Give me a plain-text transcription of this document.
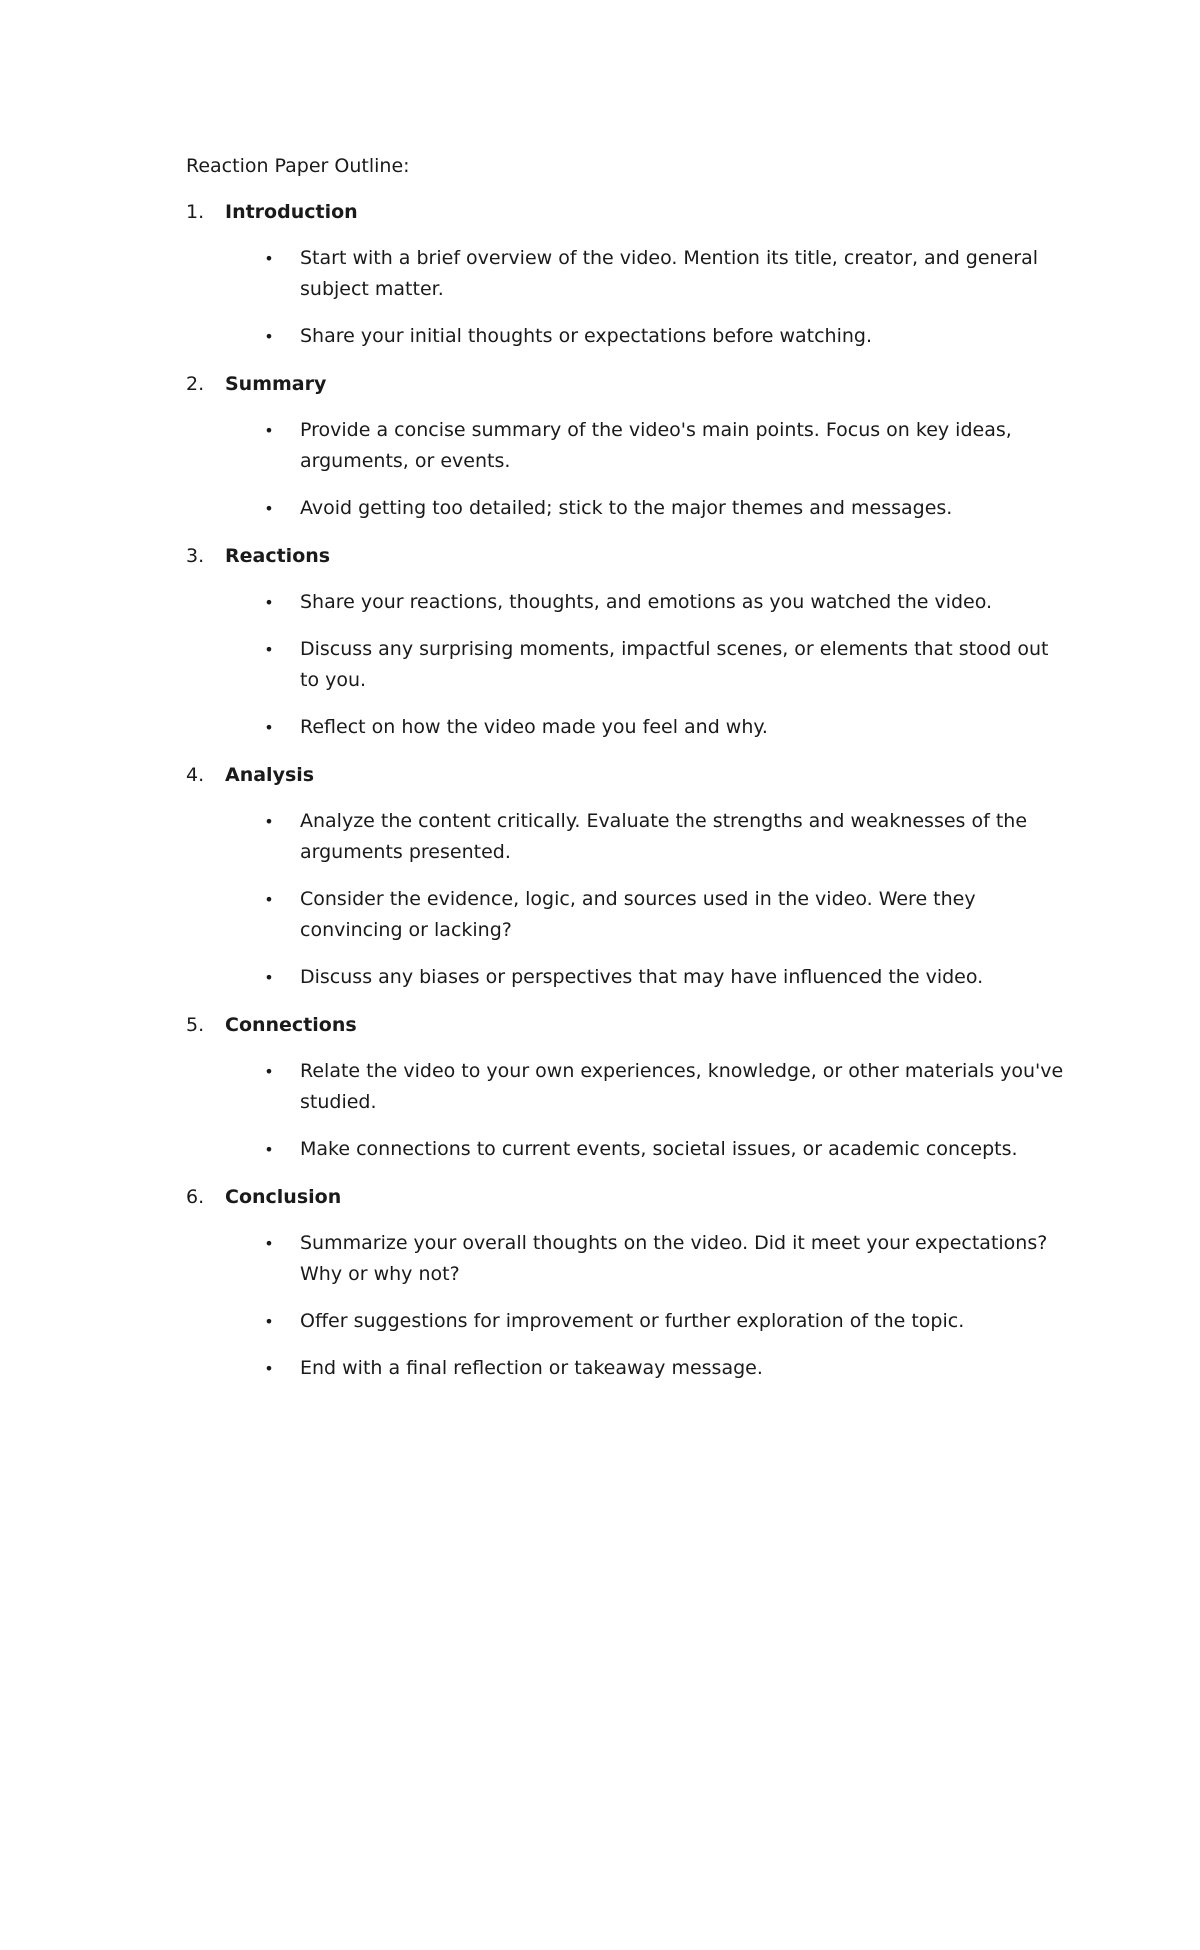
Reaction Paper Outline:
1.	Introduction
• Start with a brief overview of the video. Mention its title, creator, and general subject matter.
• Share your initial thoughts or expectations before watching.
2.	Summary
• Provide a concise summary of the video's main points. Focus on key ideas, arguments, or events.
• Avoid getting too detailed; stick to the major themes and messages.
3.	Reactions
• Share your reactions, thoughts, and emotions as you watched the video.
• Discuss any surprising moments, impactful scenes, or elements that stood out to you.
• Reflect on how the video made you feel and why.
4.	Analysis
• Analyze the content critically. Evaluate the strengths and weaknesses of the arguments presented.
• Consider the evidence, logic, and sources used in the video. Were they convincing or lacking?
• Discuss any biases or perspectives that may have influenced the video.
5.	Connections
• Relate the video to your own experiences, knowledge, or other materials you've studied.
• Make connections to current events, societal issues, or academic concepts.
6.	Conclusion
• Summarize your overall thoughts on the video. Did it meet your expectations? Why or why not?
• Offer suggestions for improvement or further exploration of the topic.
• End with a final reflection or takeaway message.
